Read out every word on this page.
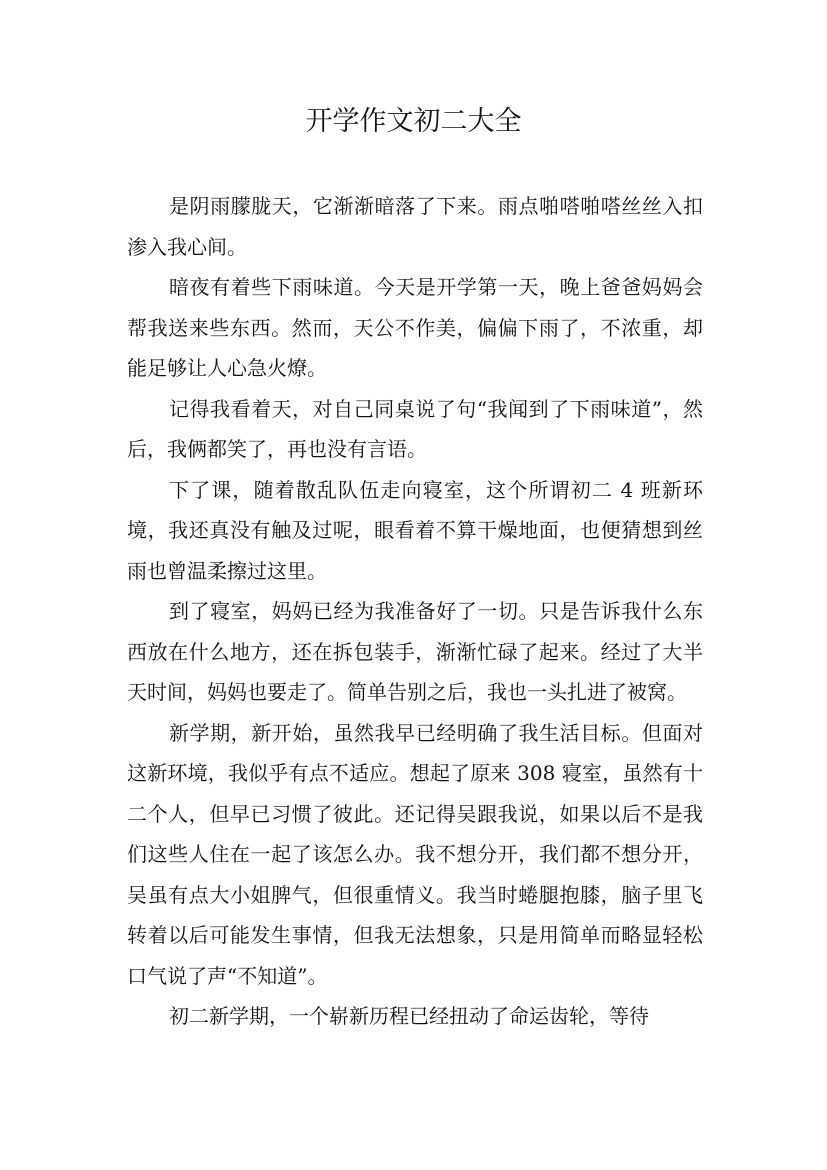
开学作文初二大全

是阴雨朦胧天，它渐渐暗落了下来。雨点啪嗒啪嗒丝丝入扣渗入我心间。

暗夜有着些下雨味道。今天是开学第一天，晚上爸爸妈妈会帮我送来些东西。然而，天公不作美，偏偏下雨了，不浓重，却能足够让人心急火燎。

记得我看着天，对自己同桌说了句“我闻到了下雨味道”，然后，我俩都笑了，再也没有言语。

下了课，随着散乱队伍走向寝室，这个所谓初二 4 班新环境，我还真没有触及过呢，眼看着不算干燥地面，也便猜想到丝雨也曾温柔擦过这里。

到了寝室，妈妈已经为我准备好了一切。只是告诉我什么东西放在什么地方，还在拆包装手，渐渐忙碌了起来。经过了大半天时间，妈妈也要走了。简单告别之后，我也一头扎进了被窝。

新学期，新开始，虽然我早已经明确了我生活目标。但面对这新环境，我似乎有点不适应。想起了原来 308 寝室，虽然有十二个人，但早已习惯了彼此。还记得吴跟我说，如果以后不是我们这些人住在一起了该怎么办。我不想分开，我们都不想分开，吴虽有点大小姐脾气，但很重情义。我当时蜷腿抱膝，脑子里飞转着以后可能发生事情，但我无法想象，只是用简单而略显轻松口气说了声“不知道”。

初二新学期，一个崭新历程已经扭动了命运齿轮，等待
